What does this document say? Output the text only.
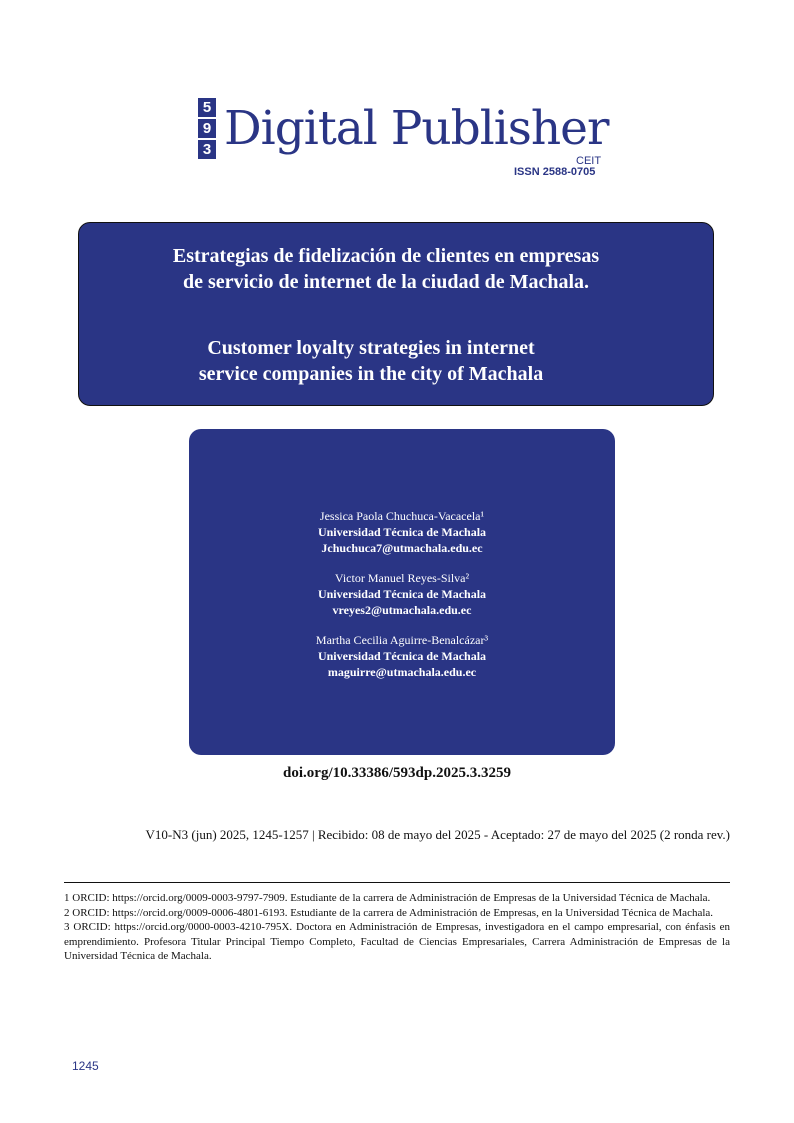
5
9
3 Digital Publisher
CEIT
ISSN 2588-0705
Estrategias de fidelización de clientes en empresas
de servicio de internet de la ciudad de Machala.
Customer loyalty strategies in internet
service companies in the city of Machala
Jessica Paola Chuchuca-Vacacela¹
Universidad Técnica de Machala
Jchuchuca7@utmachala.edu.ec
Victor Manuel Reyes-Silva²
Universidad Técnica de Machala
vreyes2@utmachala.edu.ec
Martha Cecilia Aguirre-Benalcázar³
Universidad Técnica de Machala
maguirre@utmachala.edu.ec
doi.org/10.33386/593dp.2025.3.3259
V10-N3 (jun) 2025, 1245-1257 | Recibido: 08 de mayo del 2025 - Aceptado: 27 de mayo del 2025 (2 ronda rev.)

1 ORCID: https://orcid.org/0009-0003-9797-7909. Estudiante de la carrera de Administración de Empresas de la Universidad Técnica de Machala.

2 ORCID: https://orcid.org/0009-0006-4801-6193. Estudiante de la carrera de Administración de Empresas, en la Universidad Técnica de Machala.

3 ORCID: https://orcid.org/0000-0003-4210-795X. Doctora en Administración de Empresas, investigadora en el campo empresarial, con énfasis en emprendimiento. Profesora Titular Principal Tiempo Completo, Facultad de Ciencias Empresariales, Carrera Administración de Empresas de la Universidad Técnica de Machala.

1245
